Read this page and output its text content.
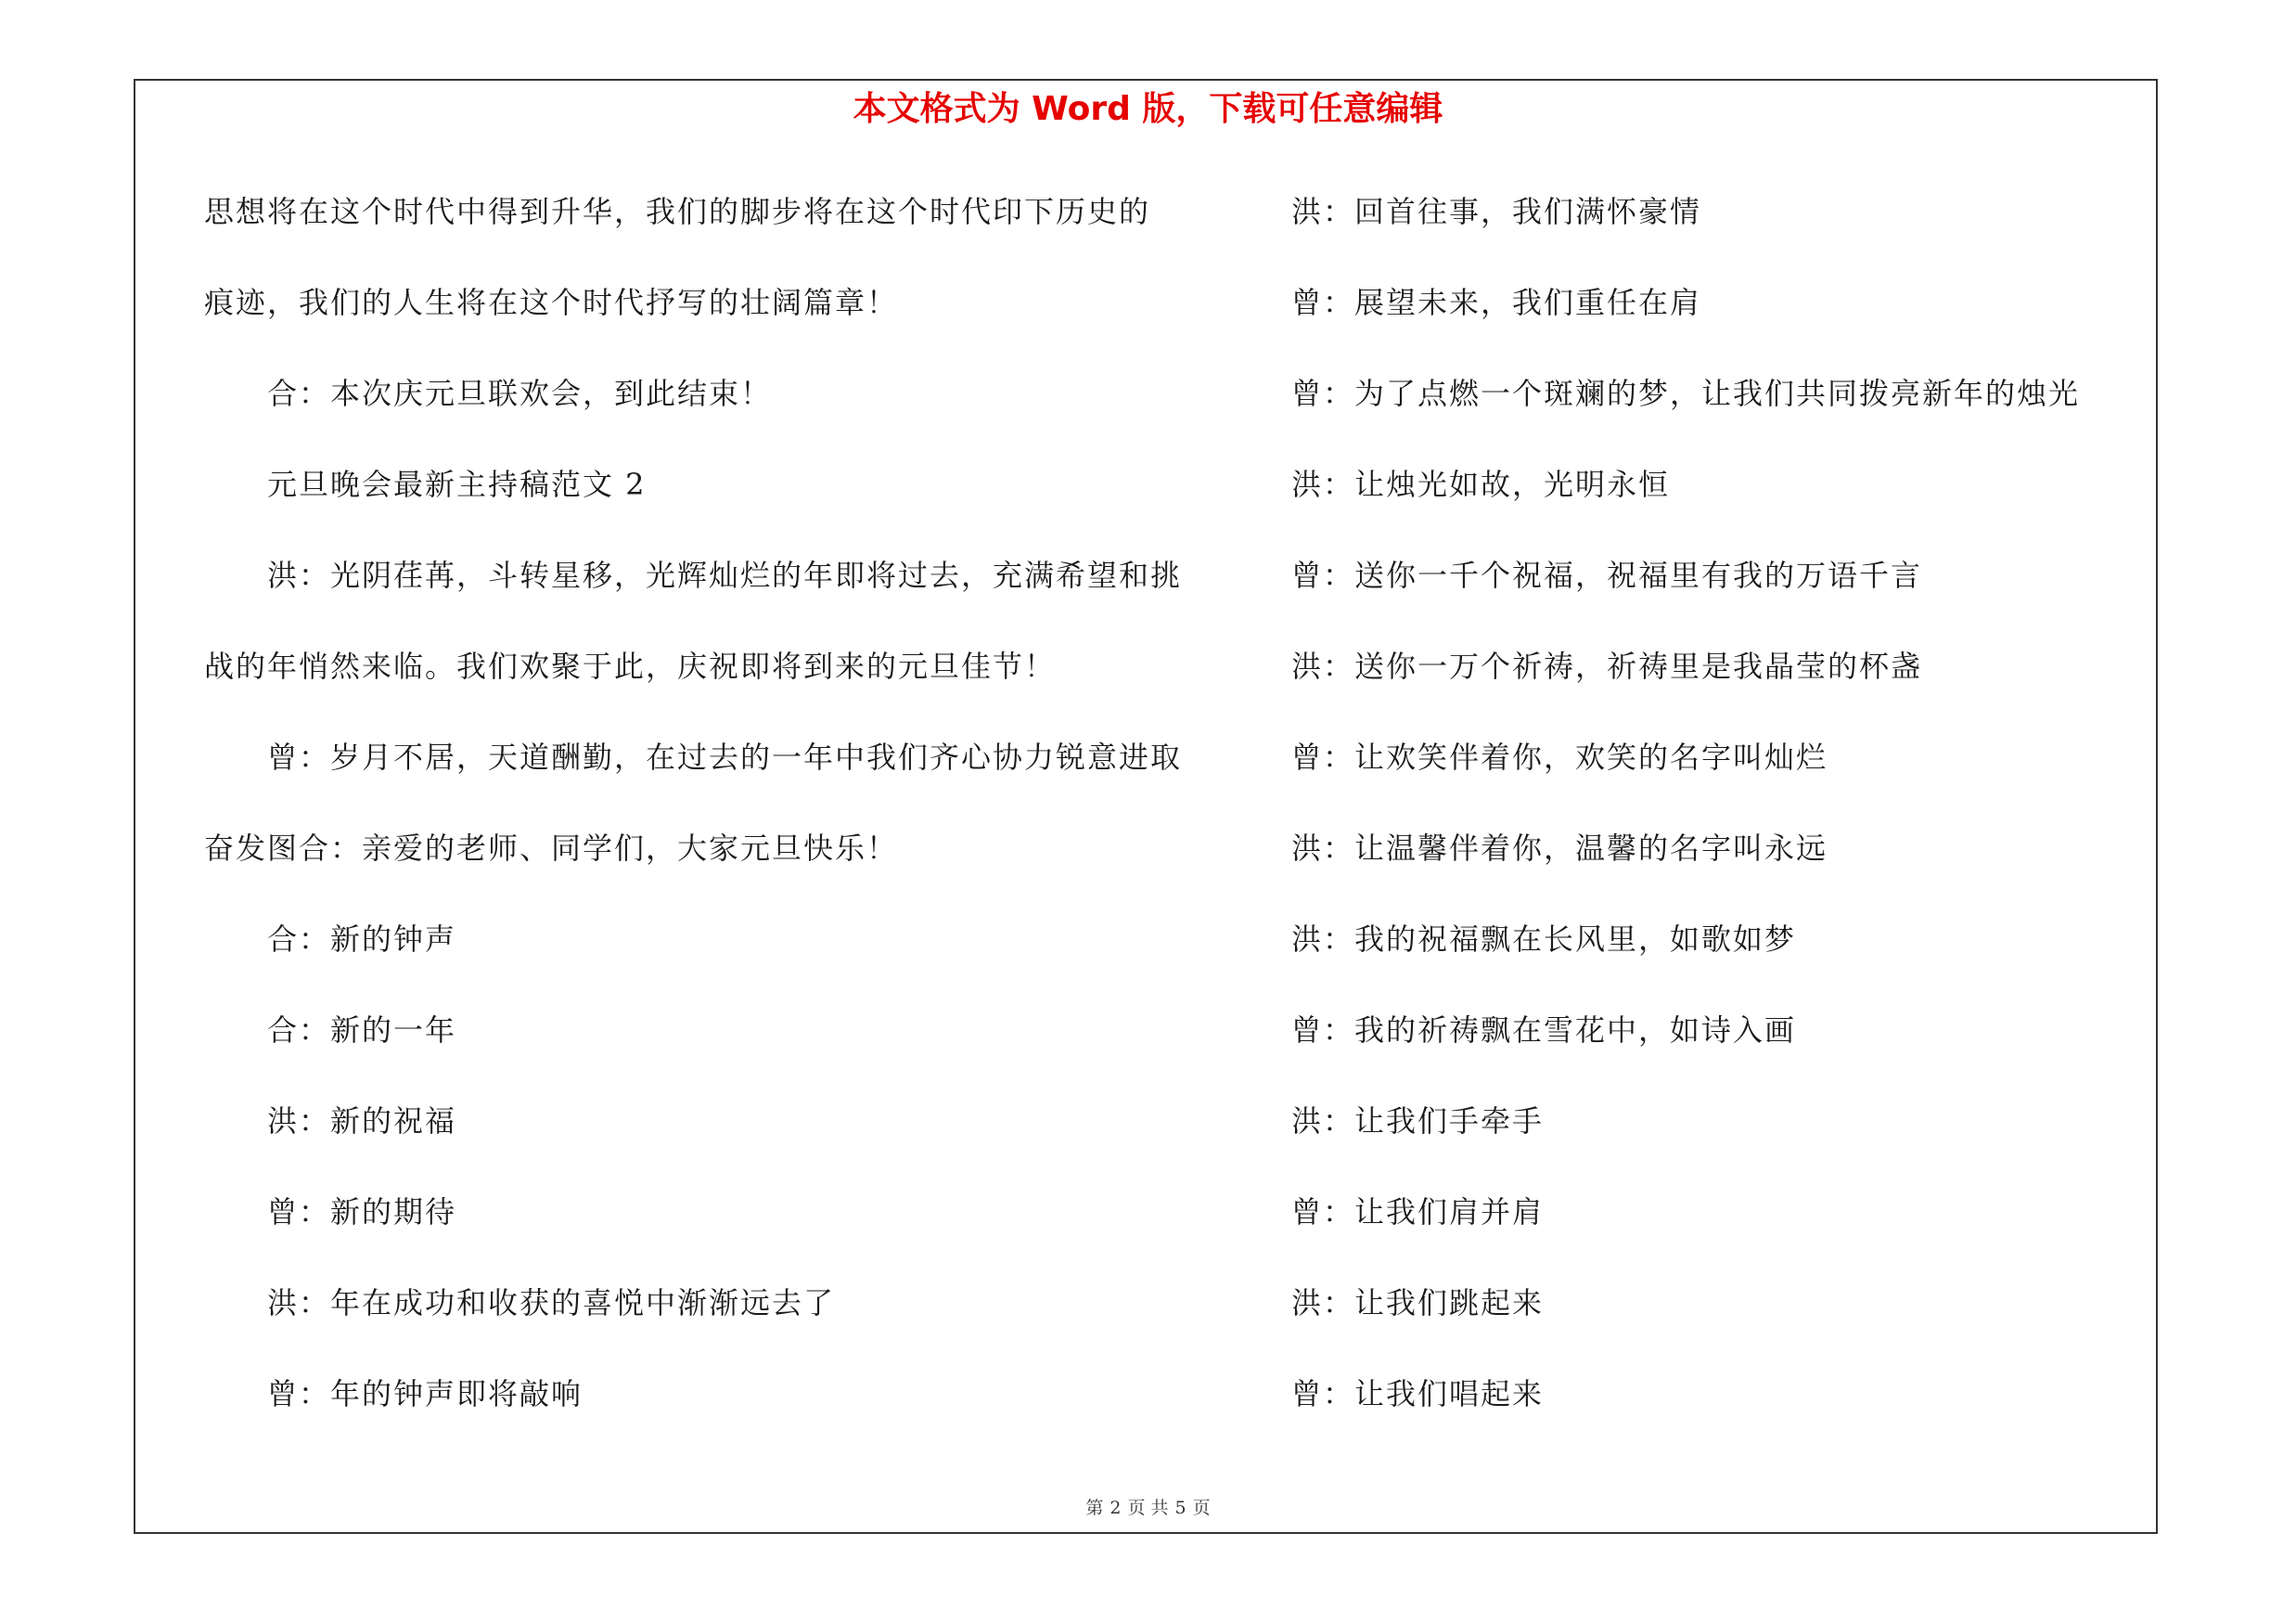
本文格式为 Word 版，下载可任意编辑
思想将在这个时代中得到升华，我们的脚步将在这个时代印下历史的
痕迹，我们的人生将在这个时代抒写的壮阔篇章！
合：本次庆元旦联欢会，到此结束！
元旦晚会最新主持稿范文 2
洪：光阴荏苒，斗转星移，光辉灿烂的年即将过去，充满希望和挑
战的年悄然来临。我们欢聚于此，庆祝即将到来的元旦佳节！
曾：岁月不居，天道酬勤，在过去的一年中我们齐心协力锐意进取
奋发图合：亲爱的老师、同学们，大家元旦快乐！
合：新的钟声
合：新的一年
洪：新的祝福
曾：新的期待
洪：年在成功和收获的喜悦中渐渐远去了
曾：年的钟声即将敲响
洪：回首往事，我们满怀豪情
曾：展望未来，我们重任在肩
曾：为了点燃一个斑斓的梦，让我们共同拨亮新年的烛光
洪：让烛光如故，光明永恒
曾：送你一千个祝福，祝福里有我的万语千言
洪：送你一万个祈祷，祈祷里是我晶莹的杯盏
曾：让欢笑伴着你，欢笑的名字叫灿烂
洪：让温馨伴着你，温馨的名字叫永远
洪：我的祝福飘在长风里，如歌如梦
曾：我的祈祷飘在雪花中，如诗入画
洪：让我们手牵手
曾：让我们肩并肩
洪：让我们跳起来
曾：让我们唱起来
第 2 页 共 5 页
